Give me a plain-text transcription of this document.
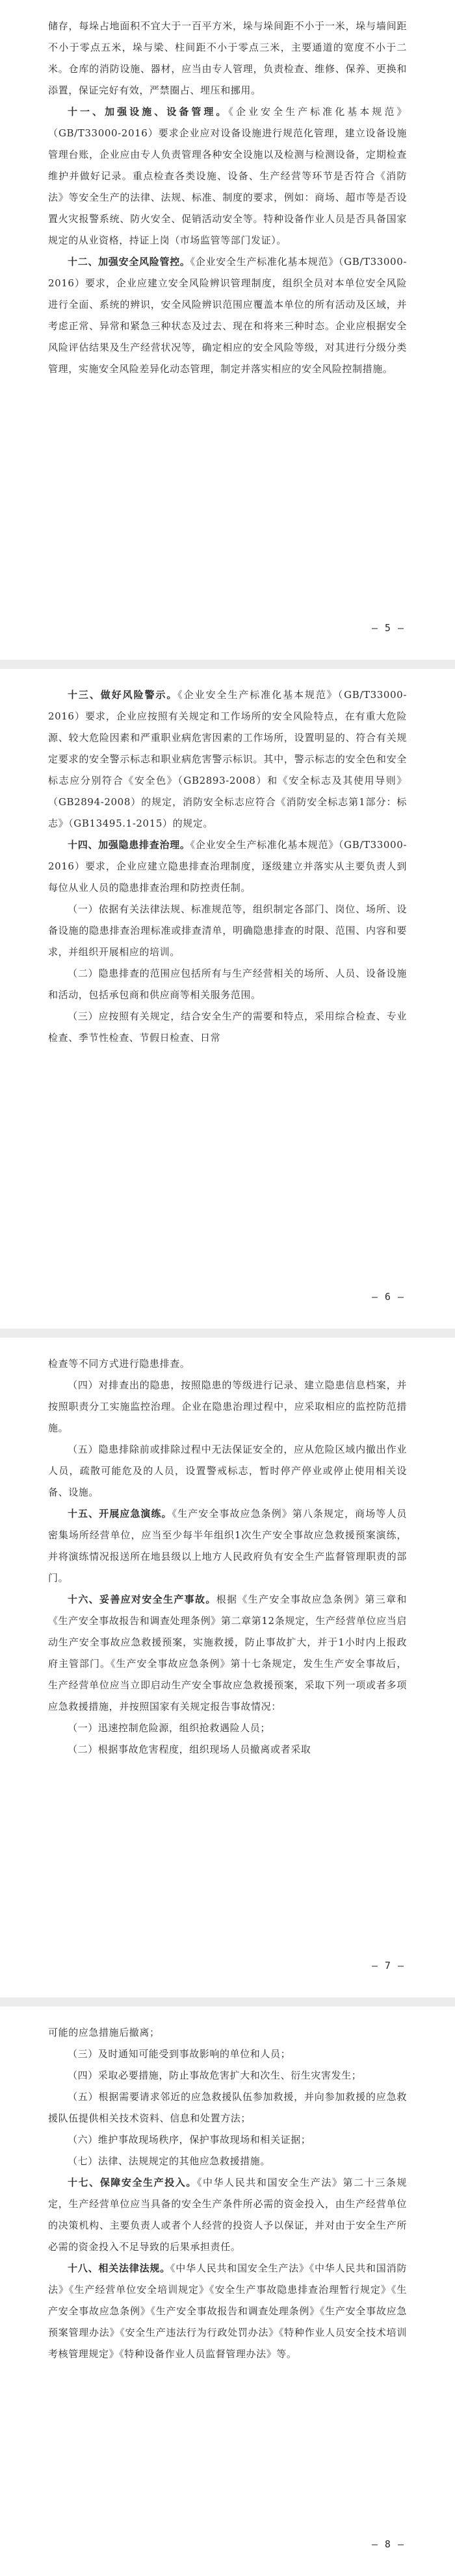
储存，每垛占地面积不宜大于一百平方米，垛与垛间距不小于一米，垛与墙间距不小于零点五米，垛与梁、柱间距不小于零点三米，主要通道的宽度不小于二米。仓库的消防设施、器材，应当由专人管理，负责检查、维修、保养、更换和添置，保证完好有效，严禁圈占、埋压和挪用。

十一、加强设施、设备管理。《企业安全生产标准化基本规范》（GB/T33000-2016）要求企业应对设备设施进行规范化管理，建立设备设施管理台账，企业应由专人负责管理各种安全设施以及检测与检测设备，定期检查维护并做好记录。重点检查各类设施、设备、生产经营等环节是否符合《消防法》等安全生产的法律、法规、标准、制度的要求，例如：商场、超市等是否设置火灾报警系统、防火安全、促销活动安全等。特种设备作业人员是否具备国家规定的从业资格，持证上岗（市场监管等部门发证）。

十二、加强安全风险管控。《企业安全生产标准化基本规范》（GB/T33000-2016）要求，企业应建立安全风险辨识管理制度，组织全员对本单位安全风险进行全面、系统的辨识，安全风险辨识范围应覆盖本单位的所有活动及区域，并考虑正常、异常和紧急三种状态及过去、现在和将来三种时态。企业应根据安全风险评估结果及生产经营状况等，确定相应的安全风险等级，对其进行分级分类管理，实施安全风险差异化动态管理，制定并落实相应的安全风险控制措施。

— 5 —

十三、做好风险警示。《企业安全生产标准化基本规范》（GB/T33000-2016）要求，企业应按照有关规定和工作场所的安全风险特点，在有重大危险源、较大危险因素和严重职业病危害因素的工作场所，设置明显的、符合有关规定要求的安全警示标志和职业病危害警示标识。其中，警示标志的安全色和安全标志应分别符合《安全色》（GB2893-2008）和《安全标志及其使用导则》（GB2894-2008）的规定，消防安全标志应符合《消防安全标志第1部分：标志》（GB13495.1-2015）的规定。

十四、加强隐患排查治理。《企业安全生产标准化基本规范》（GB/T33000-2016）要求，企业应建立隐患排查治理制度，逐级建立并落实从主要负责人到每位从业人员的隐患排查治理和防控责任制。

（一）依据有关法律法规、标准规范等，组织制定各部门、岗位、场所、设备设施的隐患排查治理标准或排查清单，明确隐患排查的时限、范围、内容和要求，并组织开展相应的培训。

（二）隐患排查的范围应包括所有与生产经营相关的场所、人员、设备设施和活动，包括承包商和供应商等相关服务范围。

（三）应按照有关规定，结合安全生产的需要和特点，采用综合检查、专业检查、季节性检查、节假日检查、日常

— 6 —

检查等不同方式进行隐患排查。

（四）对排查出的隐患，按照隐患的等级进行记录、建立隐患信息档案，并按照职责分工实施监控治理。企业在隐患治理过程中，应采取相应的监控防范措施。

（五）隐患排除前或排除过程中无法保证安全的，应从危险区域内撤出作业人员，疏散可能危及的人员，设置警戒标志，暂时停产停业或停止使用相关设备、设施。

十五、开展应急演练。《生产安全事故应急条例》第八条规定，商场等人员密集场所经营单位，应当至少每半年组织1次生产安全事故应急救援预案演练，并将演练情况报送所在地县级以上地方人民政府负有安全生产监督管理职责的部门。

十六、妥善应对安全生产事故。根据《生产安全事故应急条例》第三章和《生产安全事故报告和调查处理条例》第二章第12条规定，生产经营单位应当启动生产安全事故应急救援预案，实施救援，防止事故扩大，并于1小时内上报政府主管部门。《生产安全事故应急条例》第十七条规定，发生生产安全事故后，生产经营单位应当立即启动生产安全事故应急救援预案，采取下列一项或者多项应急救援措施，并按照国家有关规定报告事故情况：

（一）迅速控制危险源，组织抢救遇险人员；

（二）根据事故危害程度，组织现场人员撤离或者采取

— 7 —

可能的应急措施后撤离；

（三）及时通知可能受到事故影响的单位和人员；

（四）采取必要措施，防止事故危害扩大和次生、衍生灾害发生；

（五）根据需要请求邻近的应急救援队伍参加救援，并向参加救援的应急救援队伍提供相关技术资料、信息和处置方法；

（六）维护事故现场秩序，保护事故现场和相关证据；

（七）法律、法规规定的其他应急救援措施。

十七、保障安全生产投入。《中华人民共和国安全生产法》第二十三条规定，生产经营单位应当具备的安全生产条件所必需的资金投入，由生产经营单位的决策机构、主要负责人或者个人经营的投资人予以保证，并对由于安全生产所必需的资金投入不足导致的后果承担责任。

十八、相关法律法规。《中华人民共和国安全生产法》《中华人民共和国消防法》《生产经营单位安全培训规定》《安全生产事故隐患排查治理暂行规定》《生产安全事故应急条例》《生产安全事故报告和调查处理条例》《生产安全事故应急预案管理办法》《安全生产违法行为行政处罚办法》《特种作业人员安全技术培训考核管理规定》《特种设备作业人员监督管理办法》等。

— 8 —
